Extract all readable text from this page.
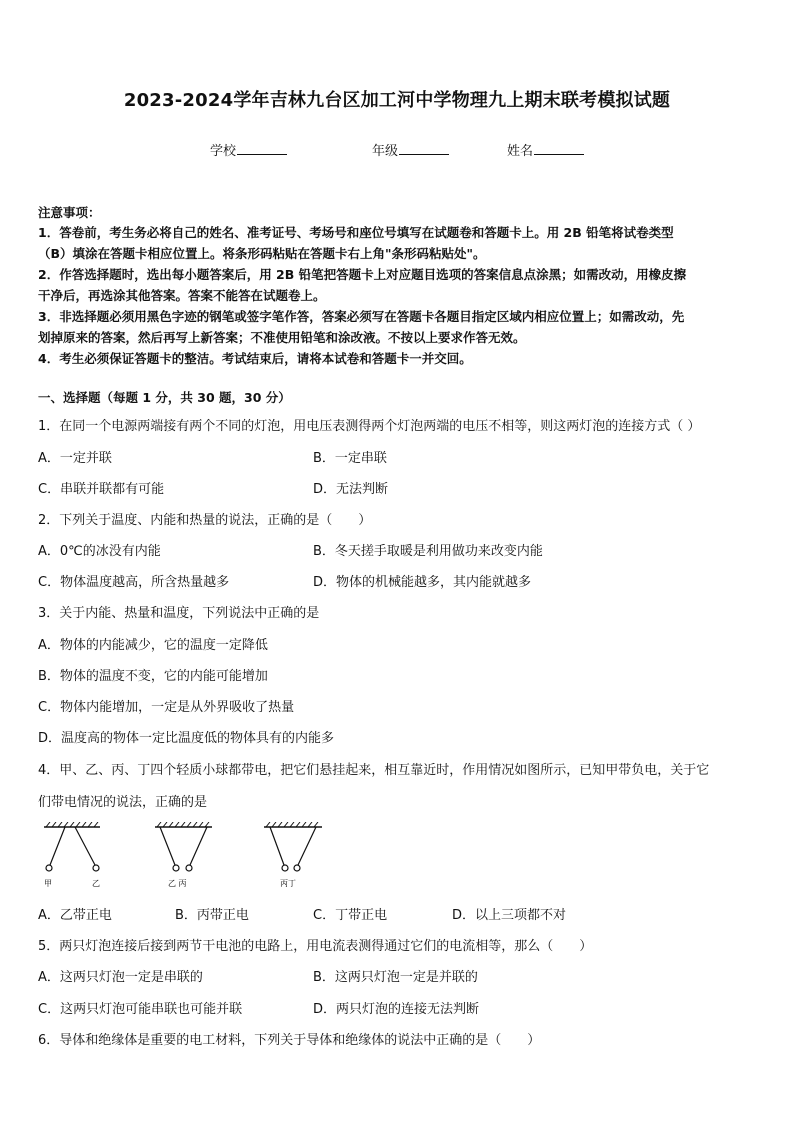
2023-2024学年吉林九台区加工河中学物理九上期末联考模拟试题
学校	年级	姓名
注意事项：
1．答卷前，考生务必将自己的姓名、准考证号、考场号和座位号填写在试题卷和答题卡上。用 2B 铅笔将试卷类型
（B）填涂在答题卡相应位置上。将条形码粘贴在答题卡右上角"条形码粘贴处"。
2．作答选择题时，选出每小题答案后，用 2B 铅笔把答题卡上对应题目选项的答案信息点涂黑；如需改动，用橡皮擦
干净后，再选涂其他答案。答案不能答在试题卷上。
3．非选择题必须用黑色字迹的钢笔或签字笔作答，答案必须写在答题卡各题目指定区域内相应位置上；如需改动，先
划掉原来的答案，然后再写上新答案；不准使用铅笔和涂改液。不按以上要求作答无效。
4．考生必须保证答题卡的整洁。考试结束后，请将本试卷和答题卡一并交回。
一、选择题（每题 1 分，共 30 题，30 分）
1．在同一个电源两端接有两个不同的灯泡，用电压表测得两个灯泡两端的电压不相等，则这两灯泡的连接方式（ ）
A．一定并联	B．一定串联
C．串联并联都有可能	D．无法判断
2．下列关于温度、内能和热量的说法，正确的是（　　）
A．0℃的冰没有内能	B．冬天搓手取暖是利用做功来改变内能
C．物体温度越高，所含热量越多	D．物体的机械能越多，其内能就越多
3．关于内能、热量和温度，下列说法中正确的是
A．物体的内能减少，它的温度一定降低
B．物体的温度不变，它的内能可能增加
C．物体内能增加，一定是从外界吸收了热量
D．温度高的物体一定比温度低的物体具有的内能多
4．甲、乙、丙、丁四个轻质小球都带电，把它们悬挂起来，相互靠近时，作用情况如图所示，已知甲带负电，关于它
们带电情况的说法，正确的是
甲	乙	乙 丙	丙丁
A．乙带正电	B．丙带正电	C．丁带正电	D．以上三项都不对
5．两只灯泡连接后接到两节干电池的电路上，用电流表测得通过它们的电流相等，那么（　　）
A．这两只灯泡一定是串联的	B．这两只灯泡一定是并联的
C．这两只灯泡可能串联也可能并联	D．两只灯泡的连接无法判断
6．导体和绝缘体是重要的电工材料，下列关于导体和绝缘体的说法中正确的是（　　）
